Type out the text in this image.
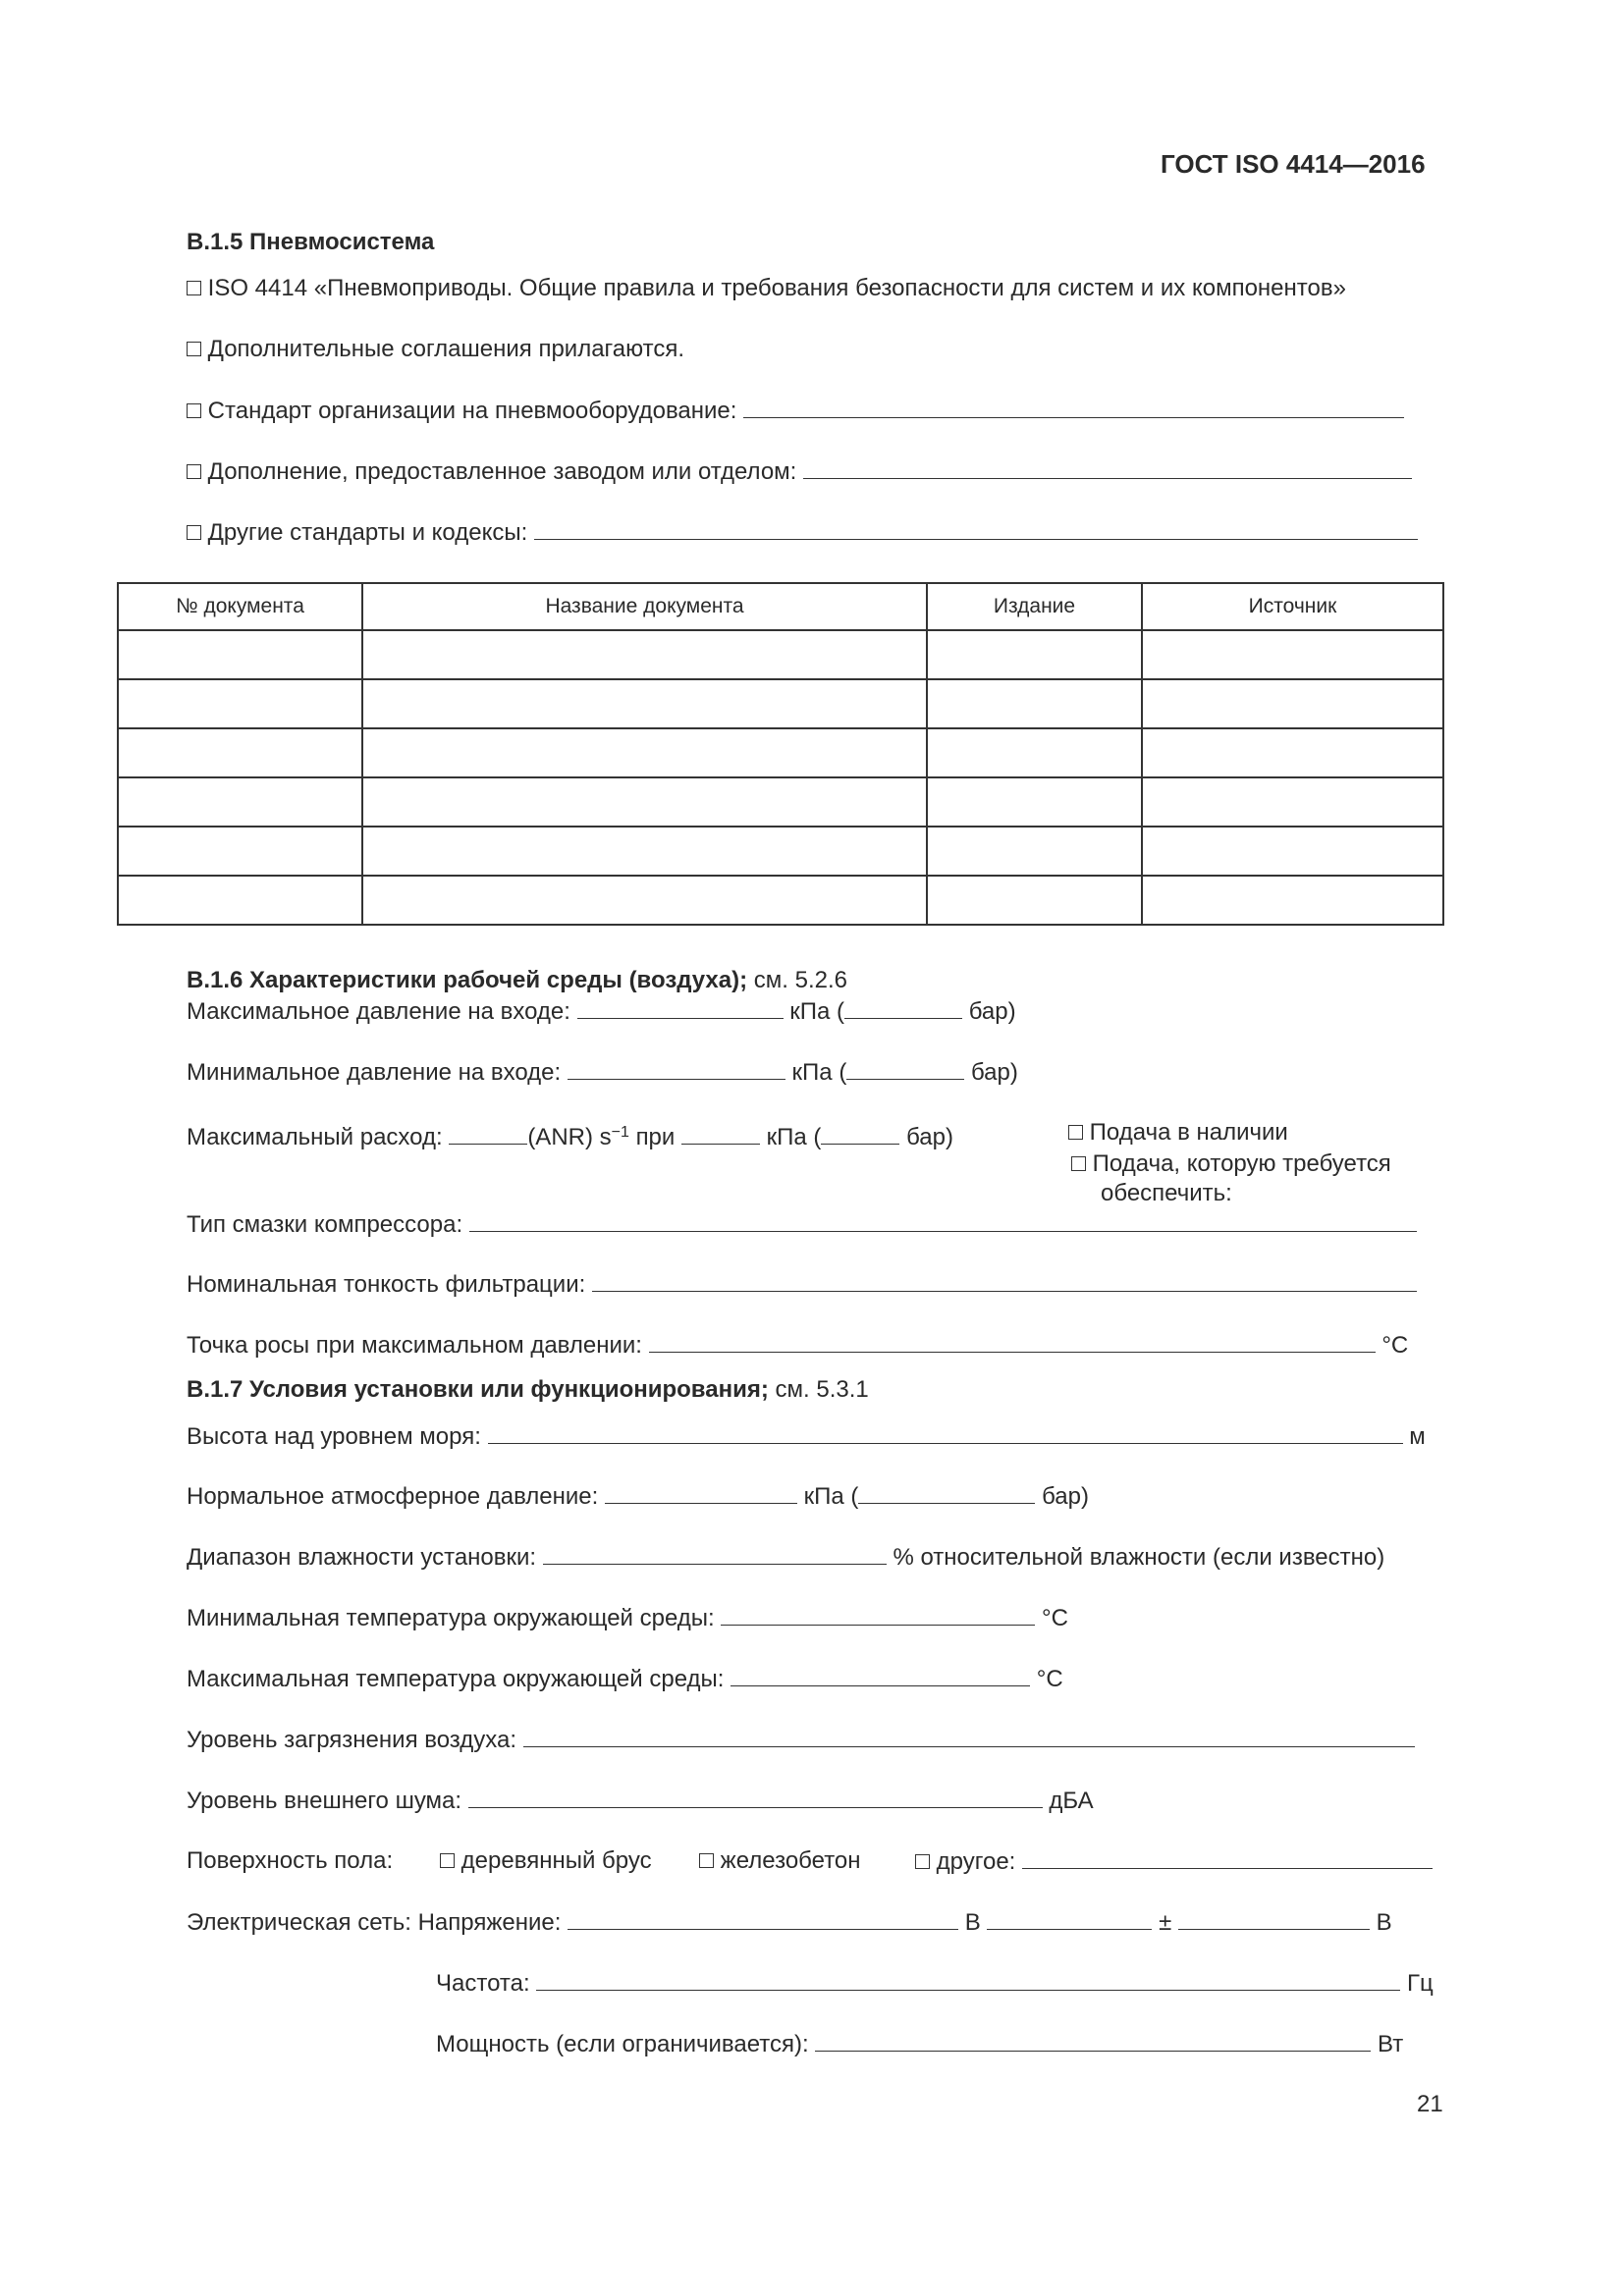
ГОСТ ISO 4414—2016
В.1.5 Пневмосистема
ISO 4414 «Пневмоприводы. Общие правила и требования безопасности для систем и их компонентов»
Дополнительные соглашения прилагаются.
Стандарт организации на пневмооборудование:
Дополнение, предоставленное заводом или отделом:
Другие стандарты и кодексы:
№ документа	Название документа	Издание	Источник

В.1.6 Характеристики рабочей среды (воздуха); см. 5.2.6
Максимальное давление на входе:	кПа (	бар)
Минимальное давление на входе:	кПа (	бар)
Максимальный расход:	(ANR) $s^{-1}$ при	кПа (	бар)	Подача в наличии
Подача, которую требуется
обеспечить:
Тип смазки компрессора:
Номинальная тонкость фильтрации:
Точка росы при максимальном давлении:	°C
В.1.7 Условия установки или функционирования; см. 5.3.1
Высота над уровнем моря:	м
Нормальное атмосферное давление:	кПа (	бар)
Диапазон влажности установки:	% относительной влажности (если известно)
Минимальная температура окружающей среды:	°C
Максимальная температура окружающей среды:	°C
Уровень загрязнения воздуха:
Уровень внешнего шума:	дБА
Поверхность пола:	деревянный брус	железобетон	другое:
Электрическая сеть: Напряжение:	В	±	В
Частота:	Гц
Мощность (если ограничивается):	Вт
21
